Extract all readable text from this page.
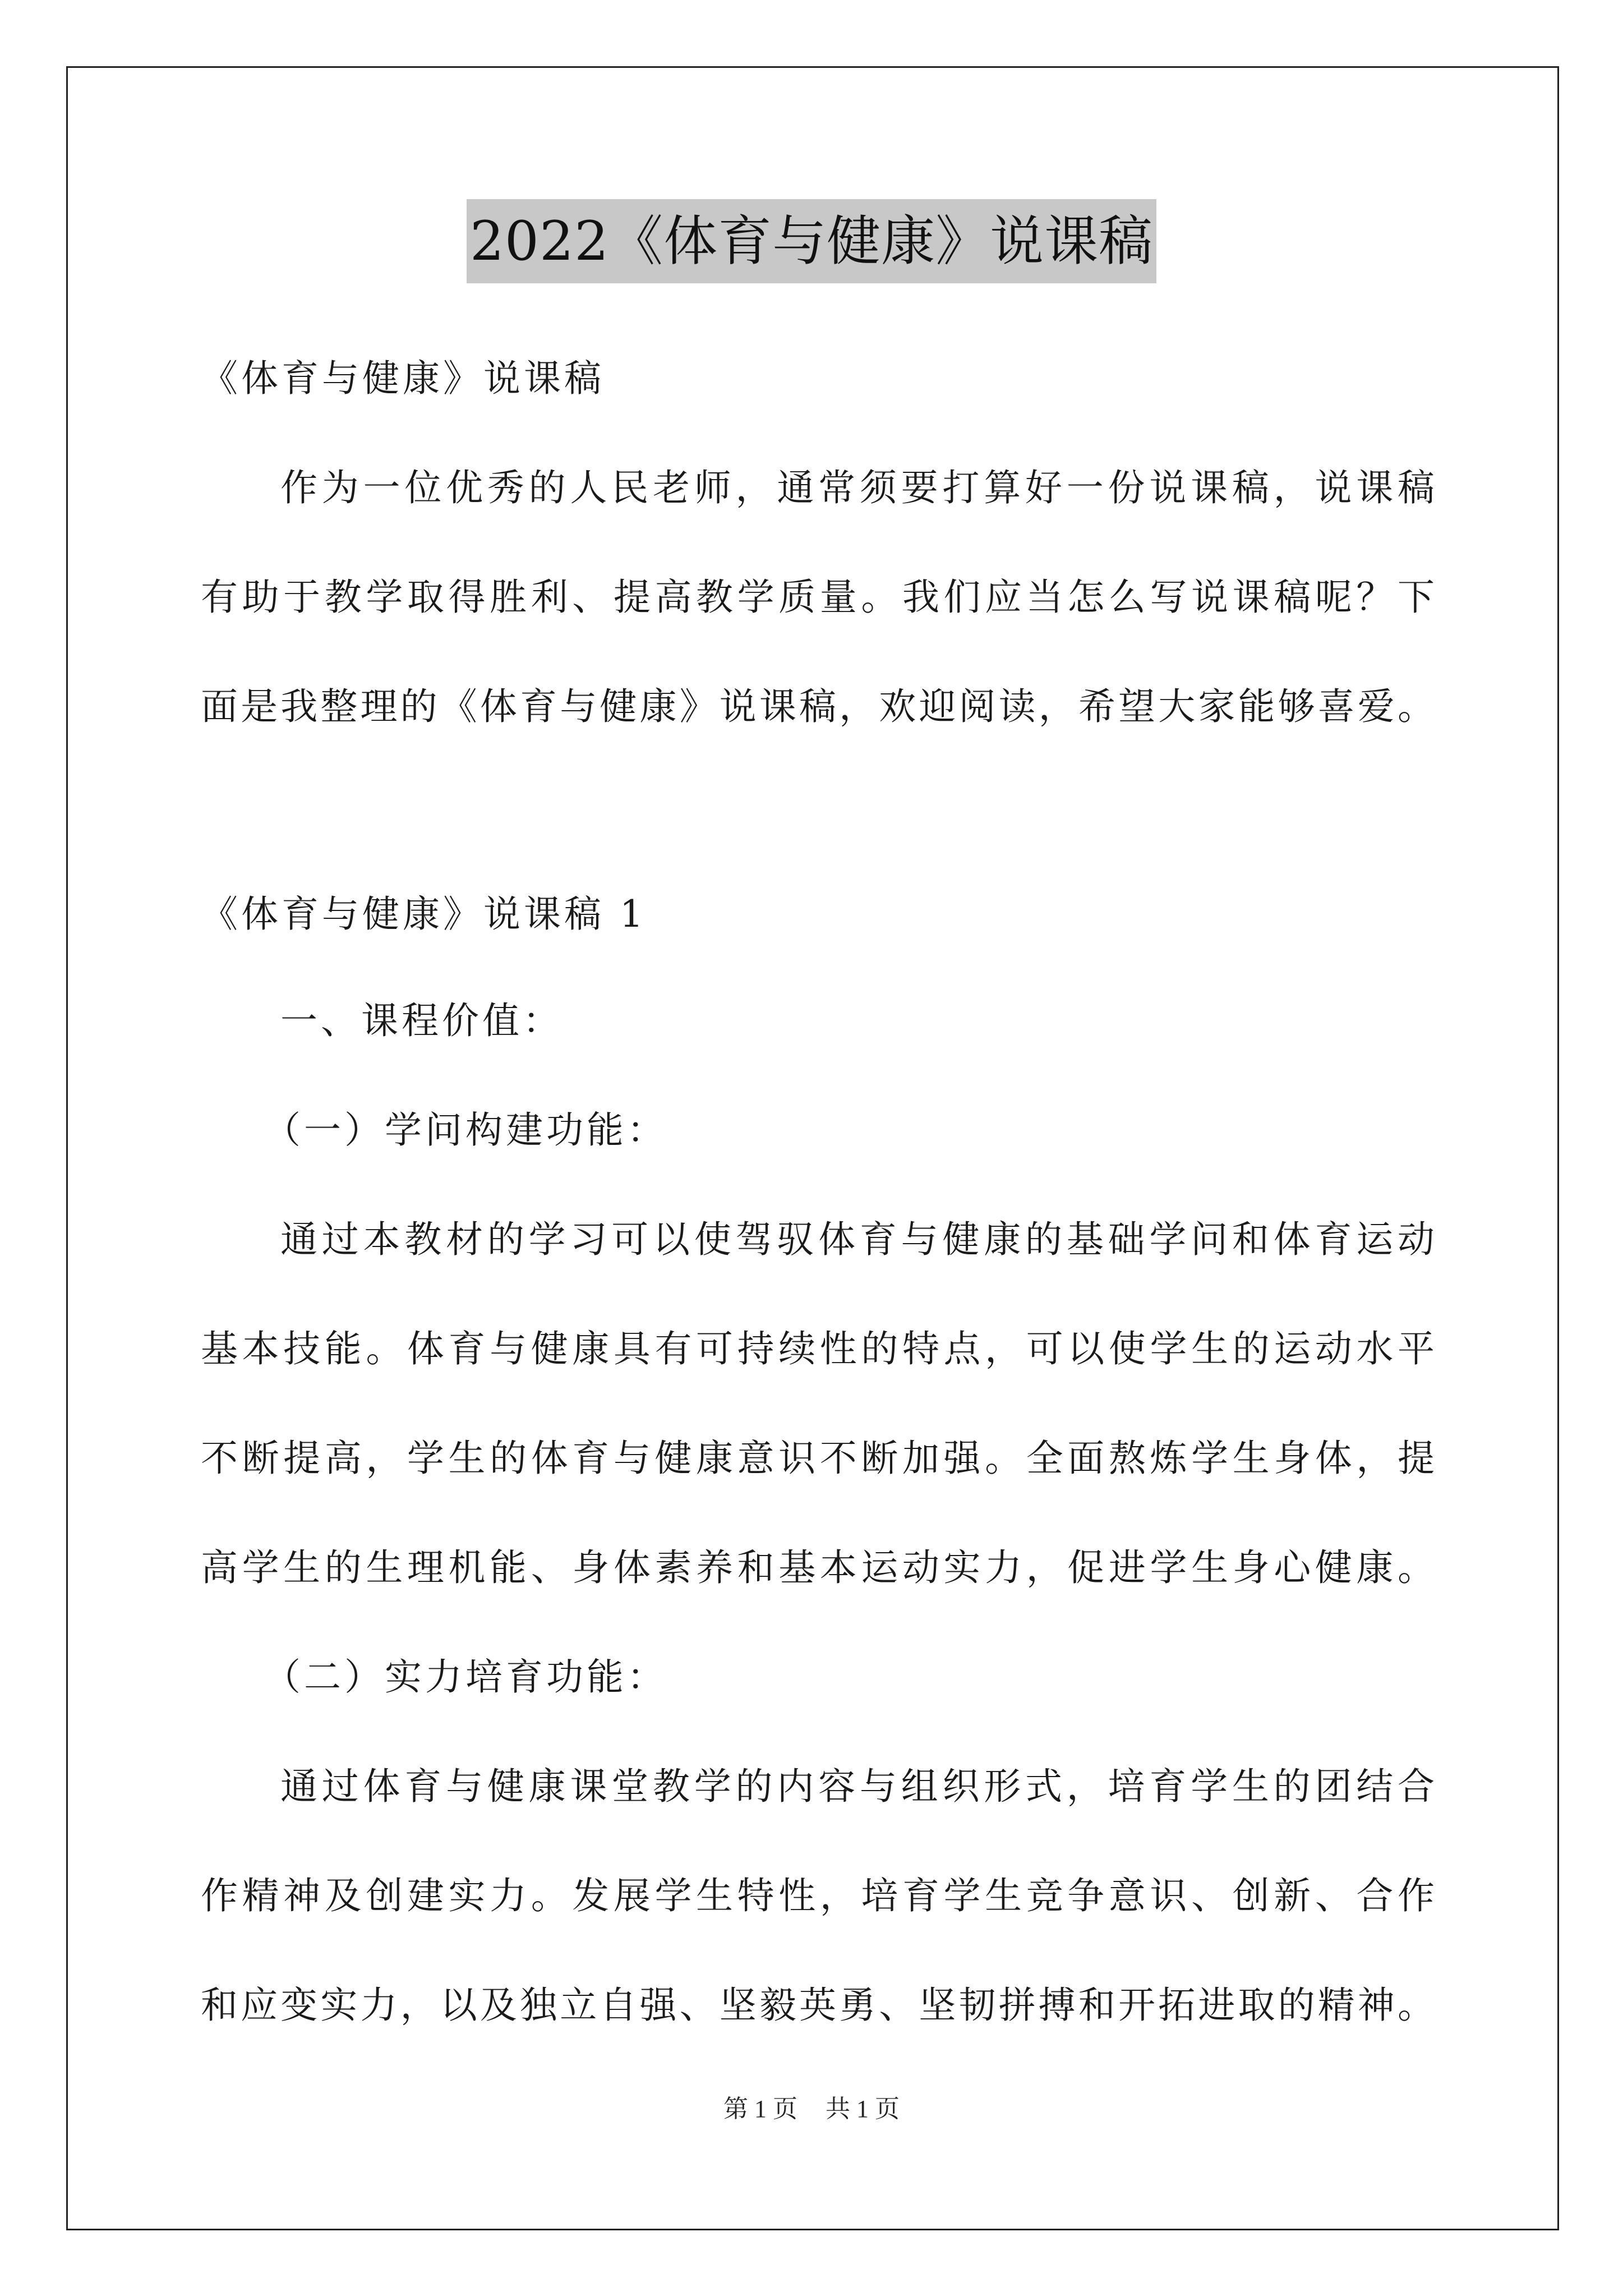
2022《体育与健康》说课稿
《体育与健康》说课稿
作为一位优秀的人民老师，通常须要打算好一份说课稿，说课稿
有助于教学取得胜利、提高教学质量。我们应当怎么写说课稿呢？下
面是我整理的《体育与健康》说课稿，欢迎阅读，希望大家能够喜爱。
《体育与健康》说课稿 1
一、课程价值：
（一）学问构建功能：
通过本教材的学习可以使驾驭体育与健康的基础学问和体育运动
基本技能。体育与健康具有可持续性的特点，可以使学生的运动水平
不断提高，学生的体育与健康意识不断加强。全面熬炼学生身体，提
高学生的生理机能、身体素养和基本运动实力，促进学生身心健康。
（二）实力培育功能：
通过体育与健康课堂教学的内容与组织形式，培育学生的团结合
作精神及创建实力。发展学生特性，培育学生竞争意识、创新、合作
和应变实力，以及独立自强、坚毅英勇、坚韧拼搏和开拓进取的精神。
第 1 页 共 1 页
